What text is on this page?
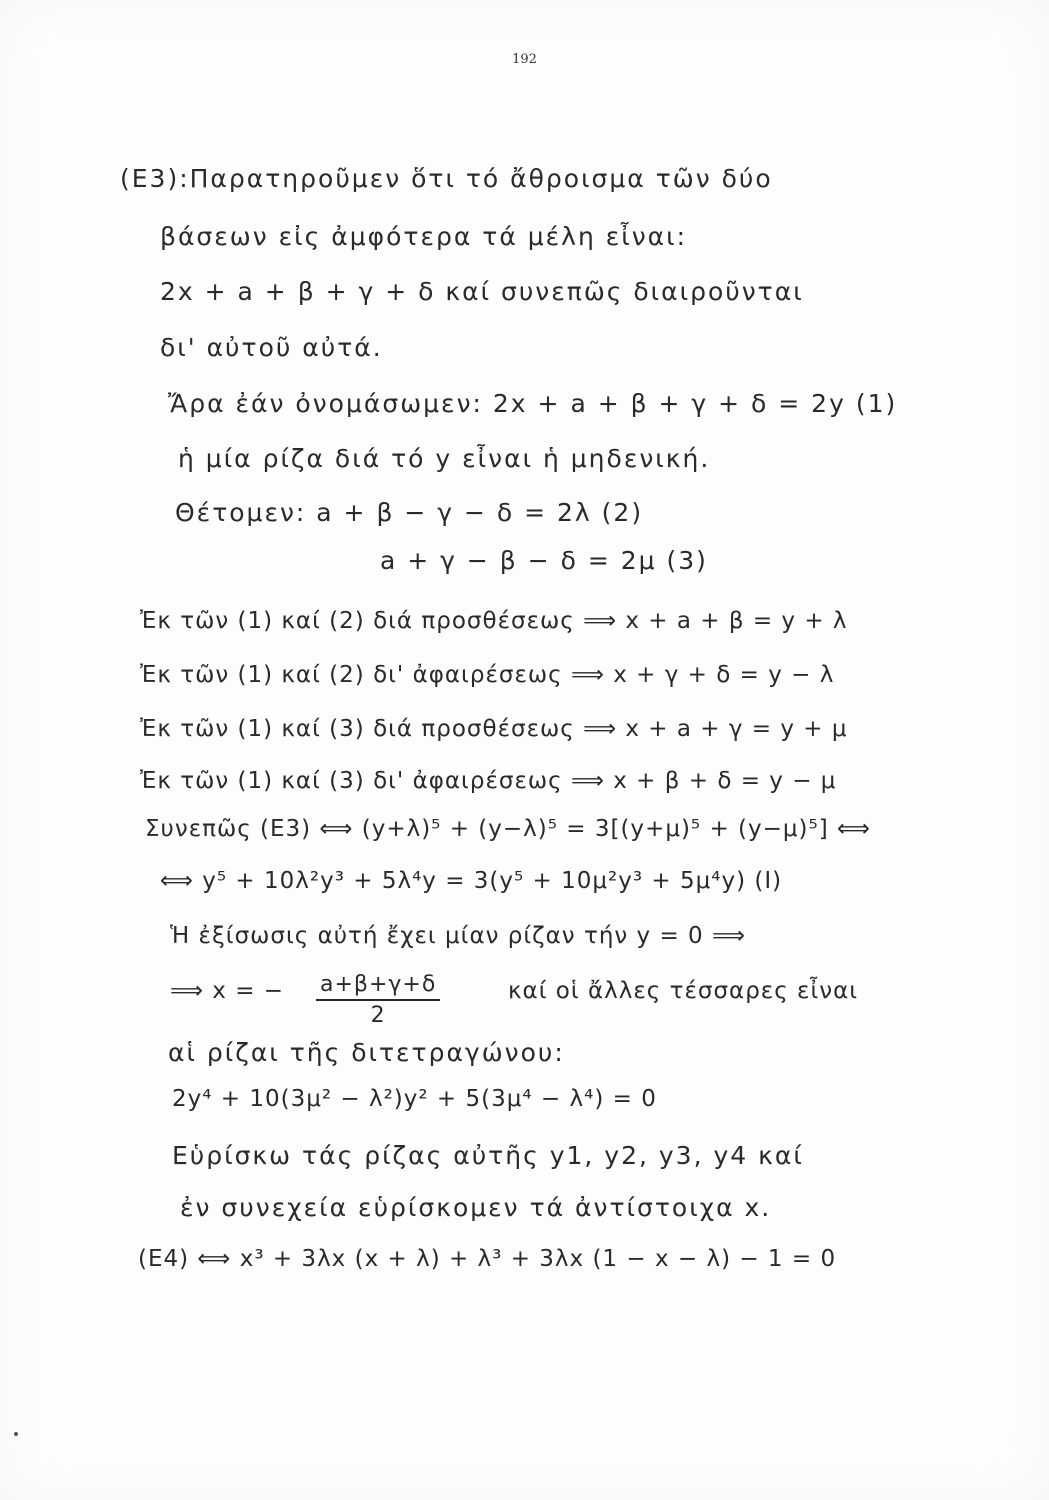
192
(E3):Παρατηροῦμεν ὅτι τό ἄθροισμα τῶν δύο
βάσεων εἰς ἀμφότερα τά μέλη εἶναι:
2x + a + β + γ + δ καί συνεπῶς διαιροῦνται
δι' αὐτοῦ αὐτά.
Ἄρα ἐάν ὀνομάσωμεν: 2x + a + β + γ + δ = 2y (1)
ἡ μία ρίζα διά τό y εἶναι ἡ μηδενική.
Θέτομεν: a + β − γ − δ = 2λ (2)
a + γ − β − δ = 2μ (3)
Ἐκ τῶν (1) καί (2) διά προσθέσεως ⟹ x + a + β = y + λ
Ἐκ τῶν (1) καί (2) δι' ἀφαιρέσεως ⟹ x + γ + δ = y − λ
Ἐκ τῶν (1) καί (3) διά προσθέσεως ⟹ x + a + γ = y + μ
Ἐκ τῶν (1) καί (3) δι' ἀφαιρέσεως ⟹ x + β + δ = y − μ
Συνεπῶς (E3) ⟺ (y+λ)⁵ + (y−λ)⁵ = 3[(y+μ)⁵ + (y−μ)⁵] ⟺
⟺ y⁵ + 10λ²y³ + 5λ⁴y = 3(y⁵ + 10μ²y³ + 5μ⁴y) (I)
Ἡ ἐξίσωσις αὐτή ἔχει μίαν ρίζαν τήν y = 0 ⟹
⟹ x = − $\frac{a+\beta+\gamma+\delta}{2}$	καί οἱ ἄλλες τέσσαρες εἶναι
αἱ ρίζαι τῆς διτετραγώνου:
2y⁴ + 10(3μ² − λ²)y² + 5(3μ⁴ − λ⁴) = 0
Εὑρίσκω τάς ρίζας αὐτῆς y1, y2, y3, y4 καί
ἐν συνεχεία εὑρίσκομεν τά ἀντίστοιχα x.
(E4) ⟺ x³ + 3λx (x + λ) + λ³ + 3λx (1 − x − λ) − 1 = 0
